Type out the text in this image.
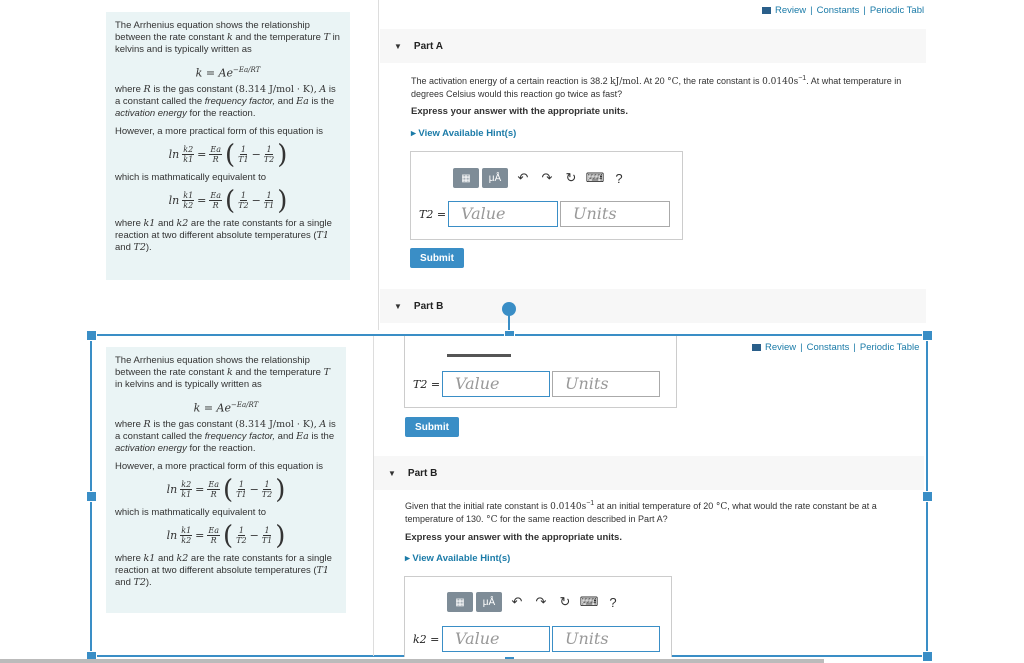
Review | Constants | Periodic Tabl

The Arrhenius equation shows the relationship between the rate constant k and the temperature T in kelvins and is typically written as

$k = Ae^{-Ea/RT}$

where R is the gas constant (8.314 J/mol · K), A is a constant called the frequency factor, and Ea is the activation energy for the reaction.

However, a more practical form of this equation is

$\ln \frac{k2}{k1} = \frac{Ea}{R}$ ( $\frac{1}{T1} - \frac{1}{T2}$ )

which is mathmatically equivalent to

$\ln \frac{k1}{k2} = \frac{Ea}{R}$ ( $\frac{1}{T2} - \frac{1}{T1}$ )

where k1 and k2 are the rate constants for a single reaction at two different absolute temperatures (T1 and T2).

▼ Part A
The activation energy of a certain reaction is 38.2 kJ/mol. At 20 °C, the rate constant is $0.0140s^{-1}$. At what temperature in degrees Celsius would this reaction go twice as fast?
Express your answer with the appropriate units.
▸ View Available Hint(s)
▦	μÅ	↶	↷	↻ ⌨ ?
T2 = Value	Units
Submit
▼ Part B
Review | Constants | Periodic Table

The Arrhenius equation shows the relationship between the rate constant k and the temperature T in kelvins and is typically written as

$k = Ae^{-Ea/RT}$

where R is the gas constant (8.314 J/mol · K), A is a constant called the frequency factor, and Ea is the activation energy for the reaction.

However, a more practical form of this equation is

$\ln \frac{k2}{k1} = \frac{Ea}{R}$ ( $\frac{1}{T1} - \frac{1}{T2}$ )

which is mathmatically equivalent to

$\ln \frac{k1}{k2} = \frac{Ea}{R}$ ( $\frac{1}{T2} - \frac{1}{T1}$ )

where k1 and k2 are the rate constants for a single reaction at two different absolute temperatures (T1 and T2).

T2 = Value	Units
Submit
▼ Part B
Given that the initial rate constant is $0.0140s^{-1}$ at an initial temperature of 20 °C, what would the rate constant be at a temperature of 130. °C for the same reaction described in Part A?
Express your answer with the appropriate units.
▸ View Available Hint(s)
▦	μÅ	↶	↷	↻ ⌨ ?
k2 = Value	Units
